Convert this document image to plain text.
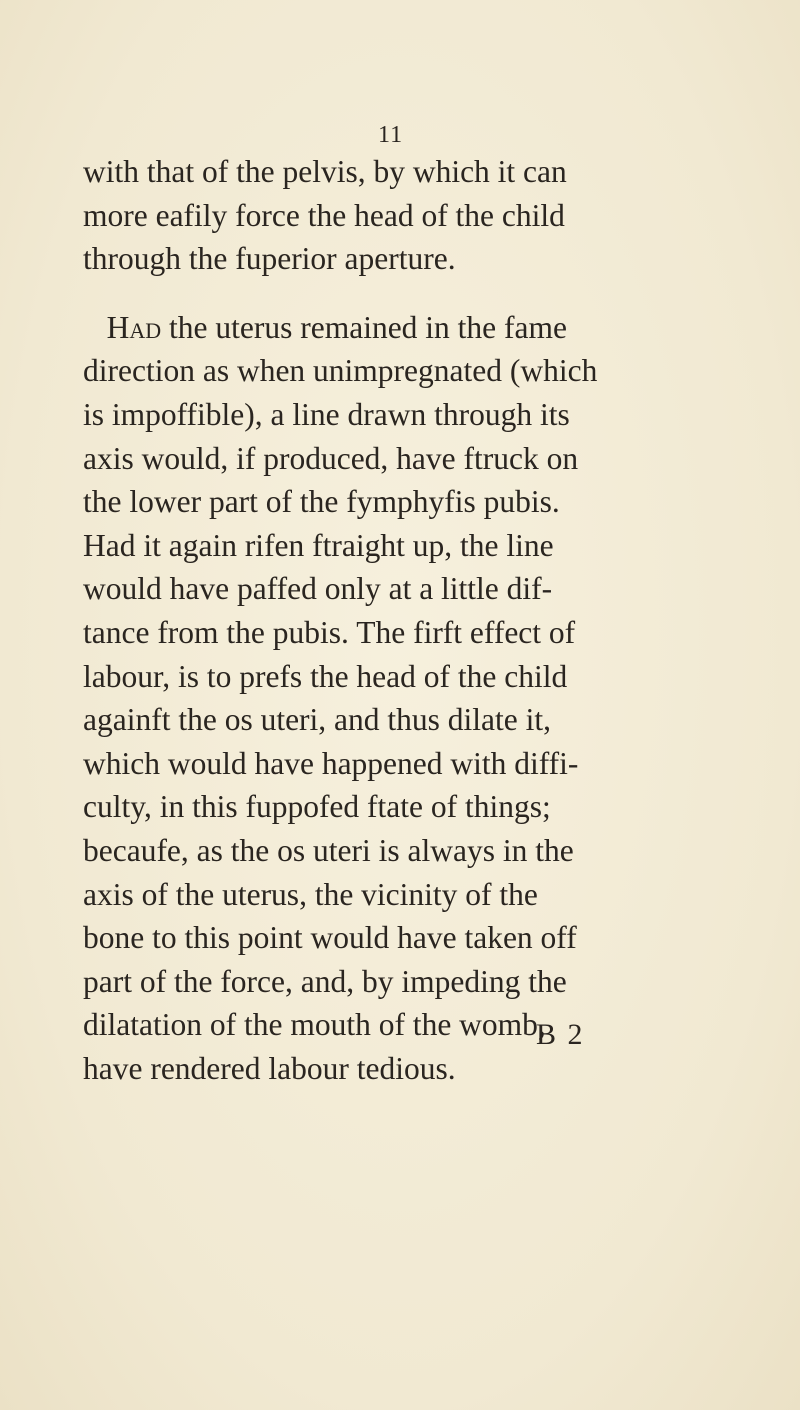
11
with that of the pelvis, by which it can
more eafily force the head of the child
through the fuperior aperture.
Had the uterus remained in the fame
direction as when unimpregnated (which
is impoffible), a line drawn through its
axis would, if produced, have ftruck on
the lower part of the fymphyfis pubis.
Had it again rifen ftraight up, the line
would have paffed only at a little dif-
tance from the pubis. The firft effect of
labour, is to prefs the head of the child
againft the os uteri, and thus dilate it,
which would have happened with diffi-
culty, in this fuppofed ftate of things;
becaufe, as the os uteri is always in the
axis of the uterus, the vicinity of the
bone to this point would have taken off
part of the force, and, by impeding the
dilatation of the mouth of the womb,
have rendered labour tedious.
B 2
